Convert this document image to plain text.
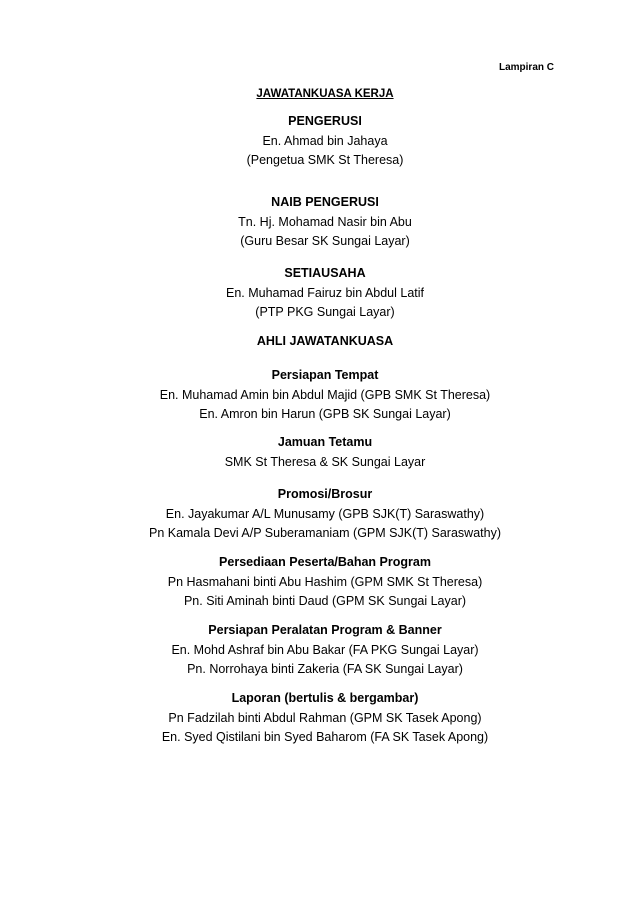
Lampiran C
JAWATANKUASA KERJA
PENGERUSI
En. Ahmad bin Jahaya
(Pengetua SMK St Theresa)
NAIB PENGERUSI
Tn. Hj. Mohamad Nasir bin Abu
(Guru Besar SK Sungai Layar)
SETIAUSAHA
En. Muhamad Fairuz bin Abdul Latif
(PTP PKG Sungai Layar)
AHLI JAWATANKUASA
Persiapan Tempat
En. Muhamad Amin bin Abdul Majid (GPB SMK St Theresa)
En. Amron bin Harun (GPB SK Sungai Layar)
Jamuan Tetamu
SMK St Theresa & SK Sungai Layar
Promosi/Brosur
En. Jayakumar A/L Munusamy (GPB SJK(T) Saraswathy)
Pn Kamala Devi A/P Suberamaniam (GPM SJK(T) Saraswathy)
Persediaan Peserta/Bahan Program
Pn Hasmahani binti Abu Hashim (GPM SMK St Theresa)
Pn. Siti Aminah binti Daud (GPM SK Sungai Layar)
Persiapan Peralatan Program & Banner
En. Mohd Ashraf bin Abu Bakar (FA PKG Sungai Layar)
Pn. Norrohaya binti Zakeria (FA SK Sungai Layar)
Laporan (bertulis & bergambar)
Pn Fadzilah binti Abdul Rahman (GPM SK Tasek Apong)
En. Syed Qistilani bin Syed Baharom (FA SK Tasek Apong)
